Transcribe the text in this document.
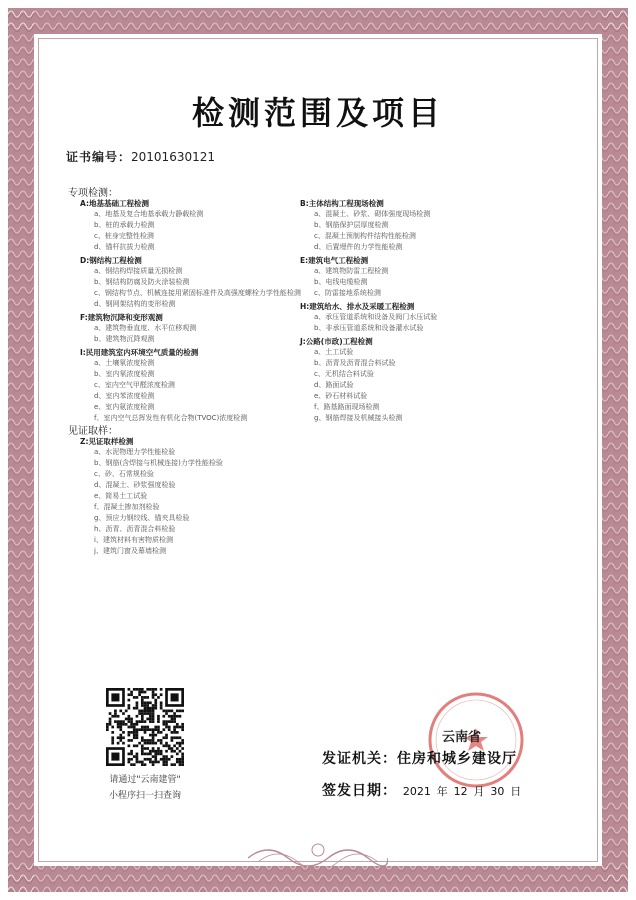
检测范围及项目
证书编号：20101630121
专项检测：
A:地基基础工程检测
a、地基及复合地基承载力静载检测
b、桩的承载力检测
c、桩身完整性检测
d、锚杆抗拔力检测
D:钢结构工程检测
a、钢结构焊接质量无损检测
b、钢结构防腐及防火涂装检测
c、钢结构节点、机械连接用紧固标准件及高强度螺栓力学性能检测
d、钢网架结构的变形检测
F:建筑物沉降和变形观测
a、建筑物垂直度、水平位移观测
b、建筑物沉降观测
I:民用建筑室内环境空气质量的检测
a、土壤氡浓度检测
b、室内氡浓度检测
c、室内空气甲醛浓度检测
d、室内苯浓度检测
e、室内氨浓度检测
f、室内空气总挥发性有机化合物(TVOC)浓度检测
B:主体结构工程现场检测
a、混凝土、砂浆、砌体强度现场检测
b、钢筋保护层厚度检测
c、混凝土预制构件结构性能检测
d、后置埋件的力学性能检测
E:建筑电气工程检测
a、建筑物防雷工程检测
b、电线电缆检测
c、防雷接地系统检测
H:建筑给水、排水及采暖工程检测
a、承压管道系统和设备及阀门水压试验
b、非承压管道系统和设备灌水试验
J:公路(市政)工程检测
a、土工试验
b、沥青及沥青混合料试验
c、无机结合料试验
d、路面试验
e、砂石材料试验
f、路基路面现场检测
g、钢筋焊接及机械接头检测
见证取样：
Z:见证取样检测
a、水泥物理力学性能检验
b、钢筋(含焊接与机械连接)力学性能检验
c、砂、石常规检验
d、混凝土、砂浆强度检验
e、简易土工试验
f、混凝土掺加剂检验
g、预应力钢绞线、锚夹具检验
h、沥青、沥青混合料检验
i、建筑材料有害物质检测
j、建筑门窗及幕墙检测
请通过"云南建管"
小程序扫一扫查询
云南省
发证机关：住房和城乡建设厅
签发日期： 2021 年 12 月 30 日
